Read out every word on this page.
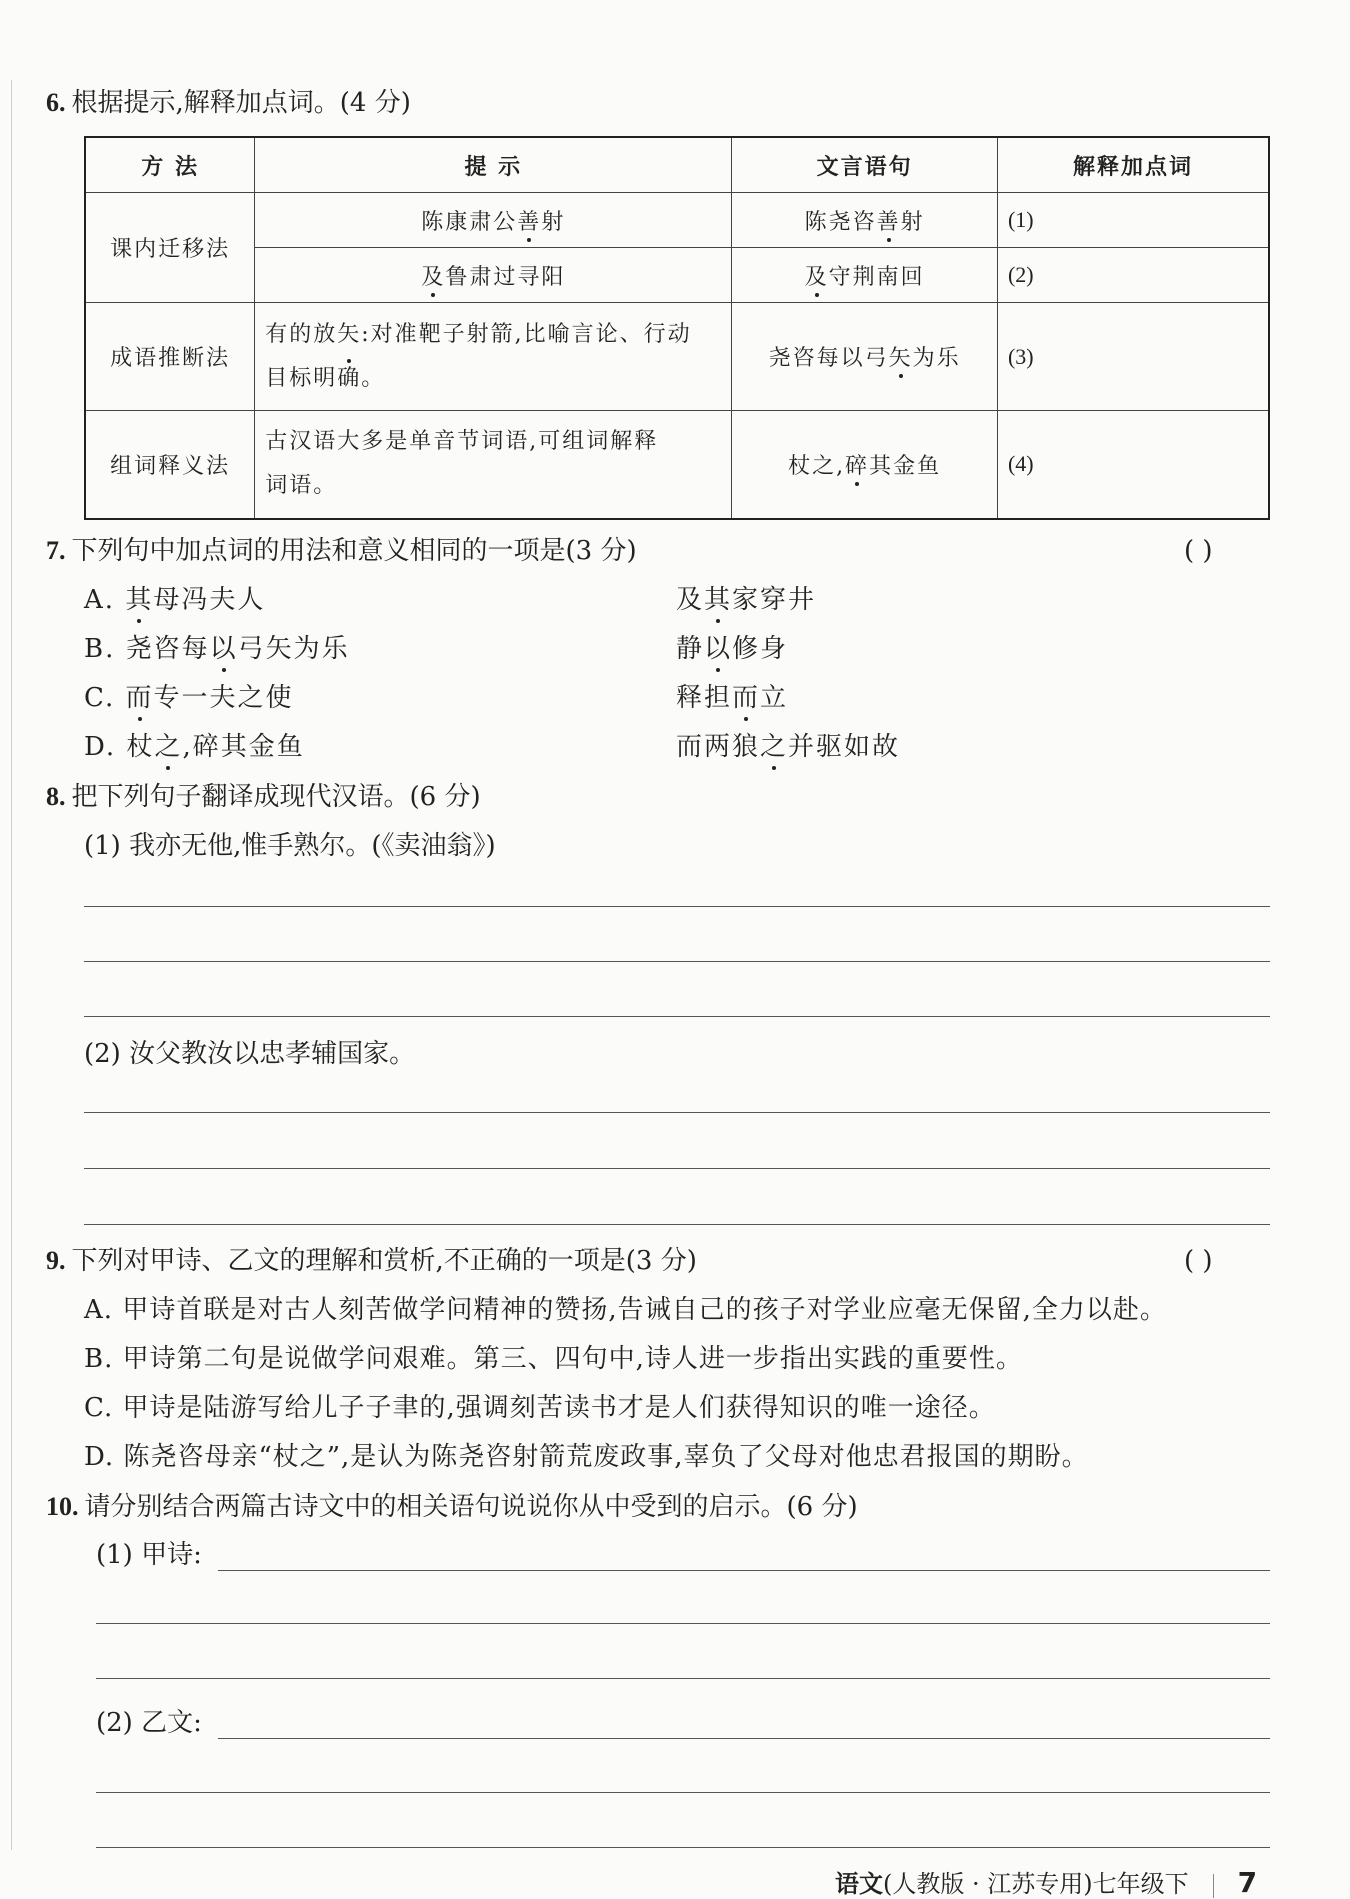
6. 根据提示,解释加点词。(4 分)
方 法	提 示	文言语句	解释加点词
课内迁移法	陈康肃公善射	陈尧咨善射	(1)
	及鲁肃过寻阳	及守荆南回	(2)
成语推断法	有的放矢:对准靶子射箭,比喻言论、行动
目标明确。	尧咨每以弓矢为乐	(3)
组词释义法	古汉语大多是单音节词语,可组词解释
词语。	杖之,碎其金鱼	(4)
7. 下列句中加点词的用法和意义相同的一项是(3 分)	( )
A. 其母冯夫人	及其家穿井
B. 尧咨每以弓矢为乐	静以修身
C. 而专一夫之使	释担而立
D. 杖之,碎其金鱼	而两狼之并驱如故
8. 把下列句子翻译成现代汉语。(6 分)
(1) 我亦无他,惟手熟尔。(《卖油翁》)
(2) 汝父教汝以忠孝辅国家。
9. 下列对甲诗、乙文的理解和赏析,不正确的一项是(3 分)	( )
A. 甲诗首联是对古人刻苦做学问精神的赞扬,告诫自己的孩子对学业应毫无保留,全力以赴。
B. 甲诗第二句是说做学问艰难。第三、四句中,诗人进一步指出实践的重要性。
C. 甲诗是陆游写给儿子子聿的,强调刻苦读书才是人们获得知识的唯一途径。
D. 陈尧咨母亲“杖之”,是认为陈尧咨射箭荒废政事,辜负了父母对他忠君报国的期盼。
10. 请分别结合两篇古诗文中的相关语句说说你从中受到的启示。(6 分)
(1) 甲诗:
(2) 乙文:
语文(人教版 · 江苏专用)七年级下 7
